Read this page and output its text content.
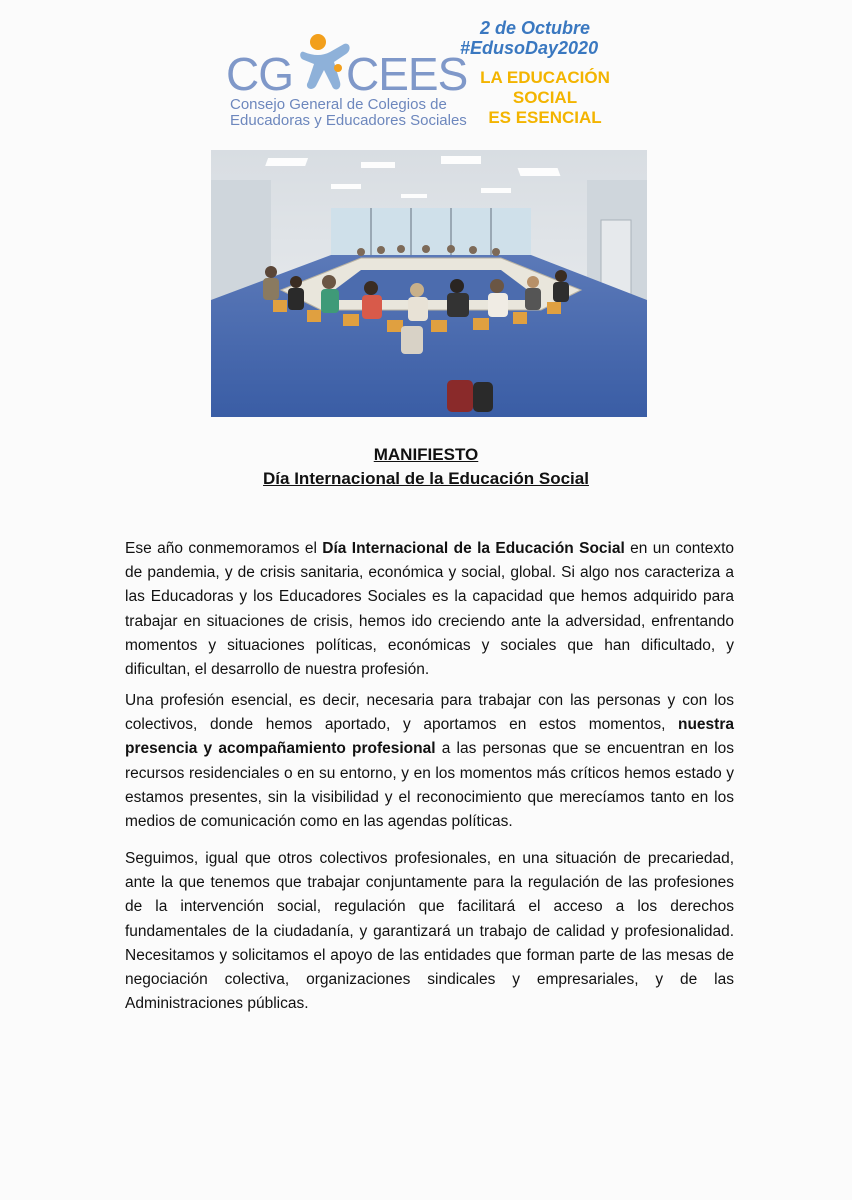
CG CEES
Consejo General de Colegios de
Educadoras y Educadores Sociales
2 de Octubre
#EdusoDay2020
LA EDUCACIÓN
SOCIAL
ES ESENCIAL
MANIFIESTO
Día Internacional de la Educación Social
Ese año conmemoramos el Día Internacional de la Educación Social en un contexto de pandemia, y de crisis sanitaria, económica y social, global. Si algo nos caracteriza a las Educadoras y los Educadores Sociales es la capacidad que hemos adquirido para trabajar en situaciones de crisis, hemos ido creciendo ante la adversidad, enfrentando momentos y situaciones políticas, económicas y sociales que han dificultado, y dificultan, el desarrollo de nuestra profesión.
Una profesión esencial, es decir, necesaria para trabajar con las personas y con los colectivos, donde hemos aportado, y aportamos en estos momentos, nuestra presencia y acompañamiento profesional a las personas que se encuentran en los recursos residenciales o en su entorno, y en los momentos más críticos hemos estado y estamos presentes, sin la visibilidad y el reconocimiento que merecíamos tanto en los medios de comunicación como en las agendas políticas.
Seguimos, igual que otros colectivos profesionales, en una situación de precariedad, ante la que tenemos que trabajar conjuntamente para la regulación de las profesiones de la intervención social, regulación que facilitará el acceso a los derechos fundamentales de la ciudadanía, y garantizará un trabajo de calidad y profesionalidad. Necesitamos y solicitamos el apoyo de las entidades que forman parte de las mesas de negociación colectiva, organizaciones sindicales y empresariales, y de las Administraciones públicas.
